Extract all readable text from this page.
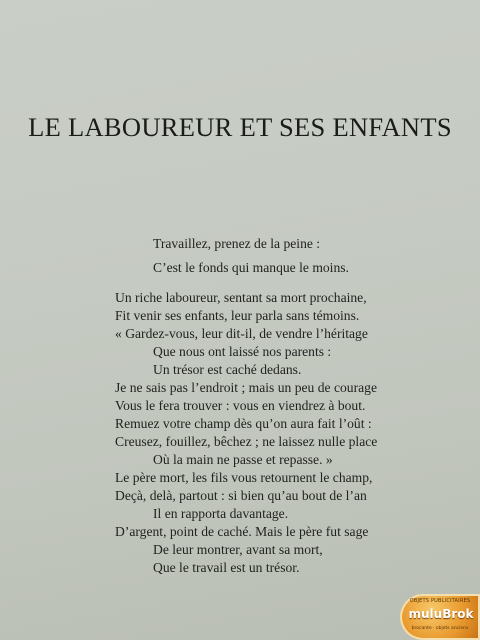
LE LABOUREUR ET SES ENFANTS
Travaillez, prenez de la peine :
C’est le fonds qui manque le moins.
Un riche laboureur, sentant sa mort prochaine,
Fit venir ses enfants, leur parla sans témoins.
« Gardez-vous, leur dit-il, de vendre l’héritage
Que nous ont laissé nos parents :
Un trésor est caché dedans.
Je ne sais pas l’endroit ; mais un peu de courage
Vous le fera trouver : vous en viendrez à bout.
Remuez votre champ dès qu’on aura fait l’oût :
Creusez, fouillez, bêchez ; ne laissez nulle place
Où la main ne passe et repasse. »
Le père mort, les fils vous retournent le champ,
Deçà, delà, partout : si bien qu’au bout de l’an
Il en rapporta davantage.
D’argent, point de caché. Mais le père fut sage
De leur montrer, avant sa mort,
Que le travail est un trésor.
OBJETS PUBLICITAIRES
muluBrok
brocante · objets anciens
